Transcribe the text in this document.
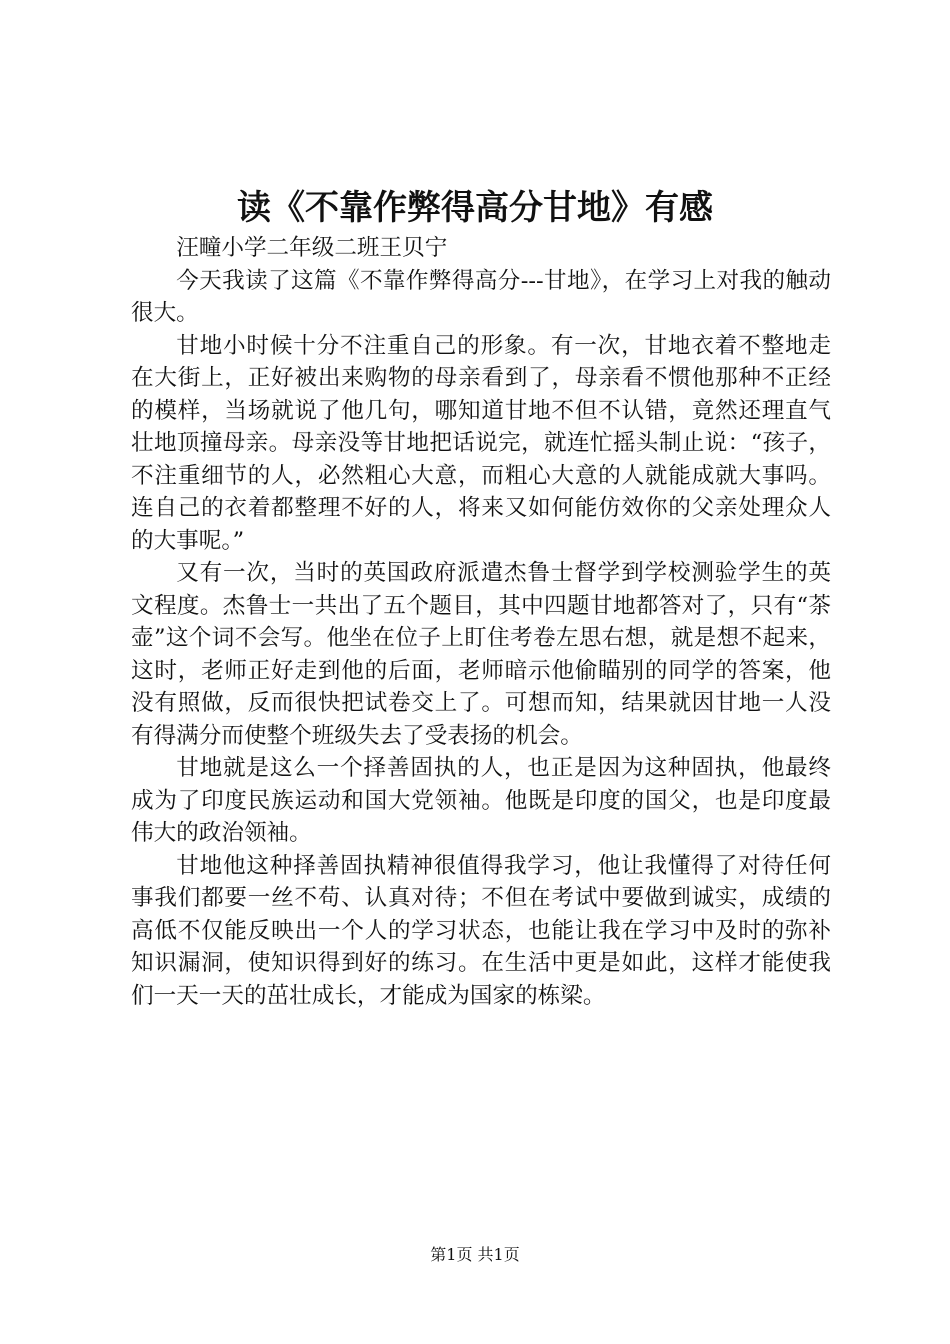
读《不靠作弊得高分甘地》有感

汪疃小学二年级二班王贝宁

今天我读了这篇《不靠作弊得高分---甘地》，在学习上对我的触动很大。

甘地小时候十分不注重自己的形象。有一次，甘地衣着不整地走在大街上，正好被出来购物的母亲看到了，母亲看不惯他那种不正经的模样，当场就说了他几句，哪知道甘地不但不认错，竟然还理直气壮地顶撞母亲。母亲没等甘地把话说完，就连忙摇头制止说：“孩子，不注重细节的人，必然粗心大意，而粗心大意的人就能成就大事吗。连自己的衣着都整理不好的人，将来又如何能仿效你的父亲处理众人的大事呢。”

又有一次，当时的英国政府派遣杰鲁士督学到学校测验学生的英文程度。杰鲁士一共出了五个题目，其中四题甘地都答对了，只有“茶壶”这个词不会写。他坐在位子上盯住考卷左思右想，就是想不起来，这时，老师正好走到他的后面，老师暗示他偷瞄别的同学的答案，他没有照做，反而很快把试卷交上了。可想而知，结果就因甘地一人没有得满分而使整个班级失去了受表扬的机会。

甘地就是这么一个择善固执的人，也正是因为这种固执，他最终成为了印度民族运动和国大党领袖。他既是印度的国父，也是印度最伟大的政治领袖。

甘地他这种择善固执精神很值得我学习，他让我懂得了对待任何事我们都要一丝不苟、认真对待；不但在考试中要做到诚实，成绩的高低不仅能反映出一个人的学习状态，也能让我在学习中及时的弥补知识漏洞，使知识得到好的练习。在生活中更是如此，这样才能使我们一天一天的茁壮成长，才能成为国家的栋梁。

第1页 共1页
